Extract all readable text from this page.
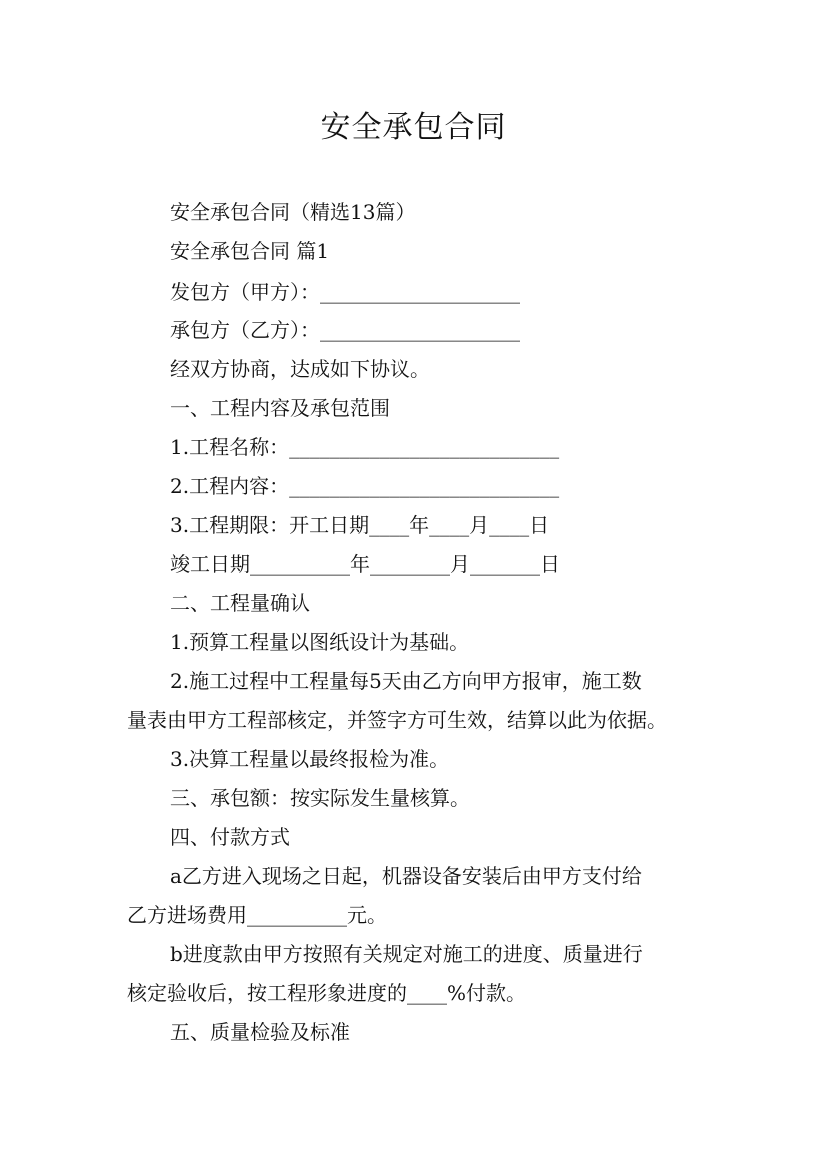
安全承包合同
安全承包合同（精选13篇）
安全承包合同 篇1
发包方（甲方）：____________________
承包方（乙方）：____________________
经双方协商，达成如下协议。
一、工程内容及承包范围
1.工程名称：___________________________
2.工程内容：___________________________
3.工程期限：开工日期____年____月____日
竣工日期__________年________月_______日
二、工程量确认
1.预算工程量以图纸设计为基础。
2.施工过程中工程量每5天由乙方向甲方报审，施工数
量表由甲方工程部核定，并签字方可生效，结算以此为依据。
3.决算工程量以最终报检为准。
三、承包额：按实际发生量核算。
四、付款方式
a乙方进入现场之日起，机器设备安装后由甲方支付给
乙方进场费用__________元。
b进度款由甲方按照有关规定对施工的进度、质量进行
核定验收后，按工程形象进度的____%付款。
五、质量检验及标准
